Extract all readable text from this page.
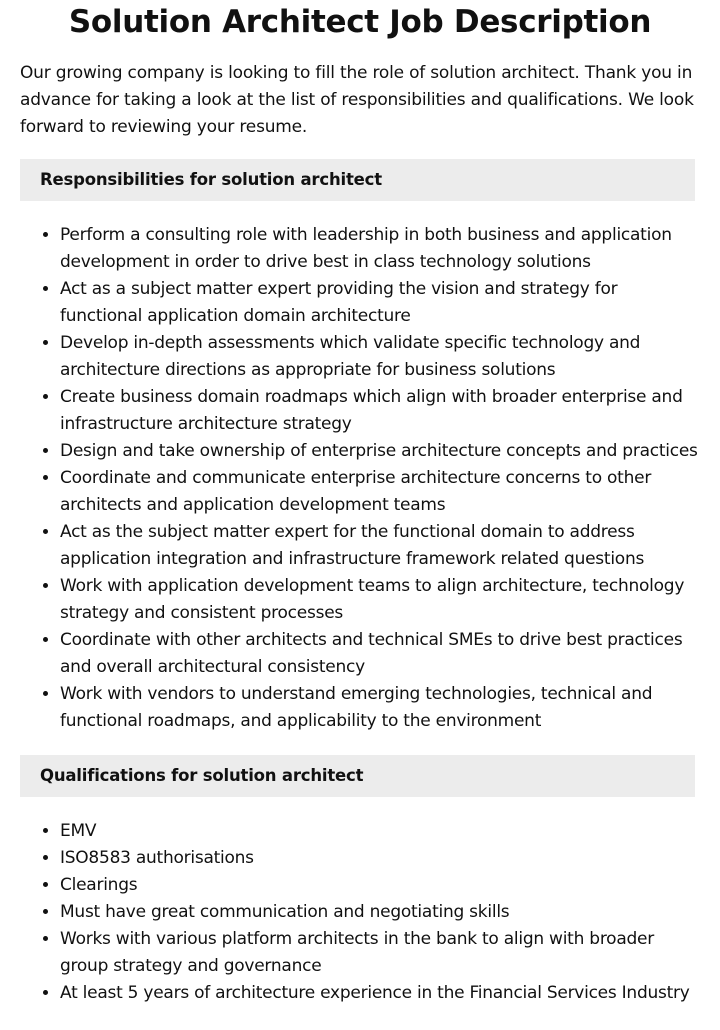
Solution Architect Job Description

Our growing company is looking to fill the role of solution architect. Thank you in advance for taking a look at the list of responsibilities and qualifications. We look forward to reviewing your resume.

Responsibilities for solution architect
• Perform a consulting role with leadership in both business and application development in order to drive best in class technology solutions
• Act as a subject matter expert providing the vision and strategy for functional application domain architecture
• Develop in-depth assessments which validate specific technology and architecture directions as appropriate for business solutions
• Create business domain roadmaps which align with broader enterprise and infrastructure architecture strategy
• Design and take ownership of enterprise architecture concepts and practices
• Coordinate and communicate enterprise architecture concerns to other architects and application development teams
• Act as the subject matter expert for the functional domain to address application integration and infrastructure framework related questions
• Work with application development teams to align architecture, technology strategy and consistent processes
• Coordinate with other architects and technical SMEs to drive best practices and overall architectural consistency
• Work with vendors to understand emerging technologies, technical and functional roadmaps, and applicability to the environment
Qualifications for solution architect
• EMV
• ISO8583 authorisations
• Clearings
• Must have great communication and negotiating skills
• Works with various platform architects in the bank to align with broader group strategy and governance
• At least 5 years of architecture experience in the Financial Services Industry
